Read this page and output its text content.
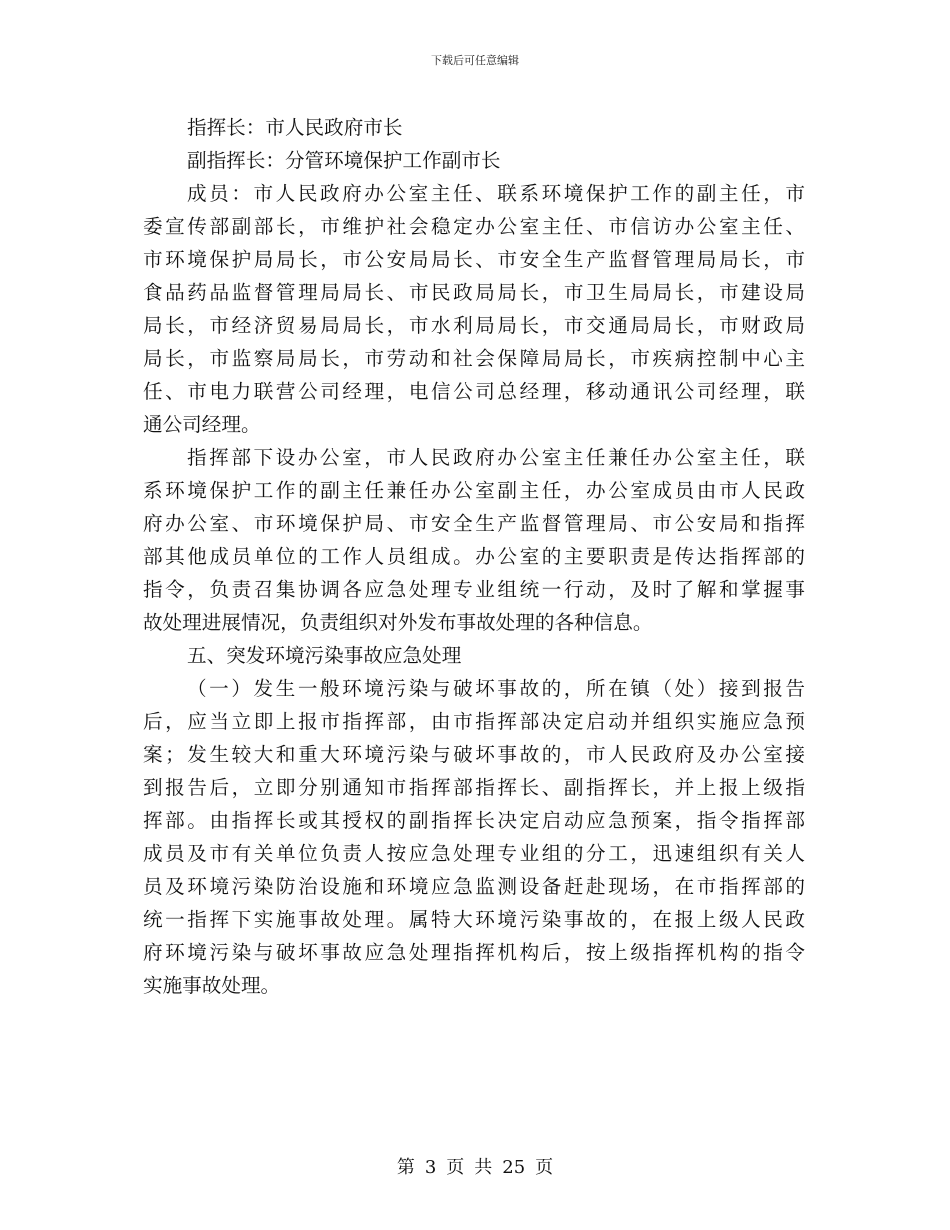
下载后可任意编辑
指挥长：市人民政府市长
副指挥长：分管环境保护工作副市长
成员：市人民政府办公室主任、联系环境保护工作的副主任，市
委宣传部副部长，市维护社会稳定办公室主任、市信访办公室主任、
市环境保护局局长，市公安局局长、市安全生产监督管理局局长，市
食品药品监督管理局局长、市民政局局长，市卫生局局长，市建设局
局长，市经济贸易局局长，市水利局局长，市交通局局长，市财政局
局长，市监察局局长，市劳动和社会保障局局长，市疾病控制中心主
任、市电力联营公司经理，电信公司总经理，移动通讯公司经理，联
通公司经理。
指挥部下设办公室，市人民政府办公室主任兼任办公室主任，联
系环境保护工作的副主任兼任办公室副主任，办公室成员由市人民政
府办公室、市环境保护局、市安全生产监督管理局、市公安局和指挥
部其他成员单位的工作人员组成。办公室的主要职责是传达指挥部的
指令，负责召集协调各应急处理专业组统一行动，及时了解和掌握事
故处理进展情况，负责组织对外发布事故处理的各种信息。
五、突发环境污染事故应急处理
（一）发生一般环境污染与破坏事故的，所在镇（处）接到报告
后，应当立即上报市指挥部，由市指挥部决定启动并组织实施应急预
案；发生较大和重大环境污染与破坏事故的，市人民政府及办公室接
到报告后，立即分别通知市指挥部指挥长、副指挥长，并上报上级指
挥部。由指挥长或其授权的副指挥长决定启动应急预案，指令指挥部
成员及市有关单位负责人按应急处理专业组的分工，迅速组织有关人
员及环境污染防治设施和环境应急监测设备赶赴现场，在市指挥部的
统一指挥下实施事故处理。属特大环境污染事故的，在报上级人民政
府环境污染与破坏事故应急处理指挥机构后，按上级指挥机构的指令
实施事故处理。
第 3 页 共 25 页
